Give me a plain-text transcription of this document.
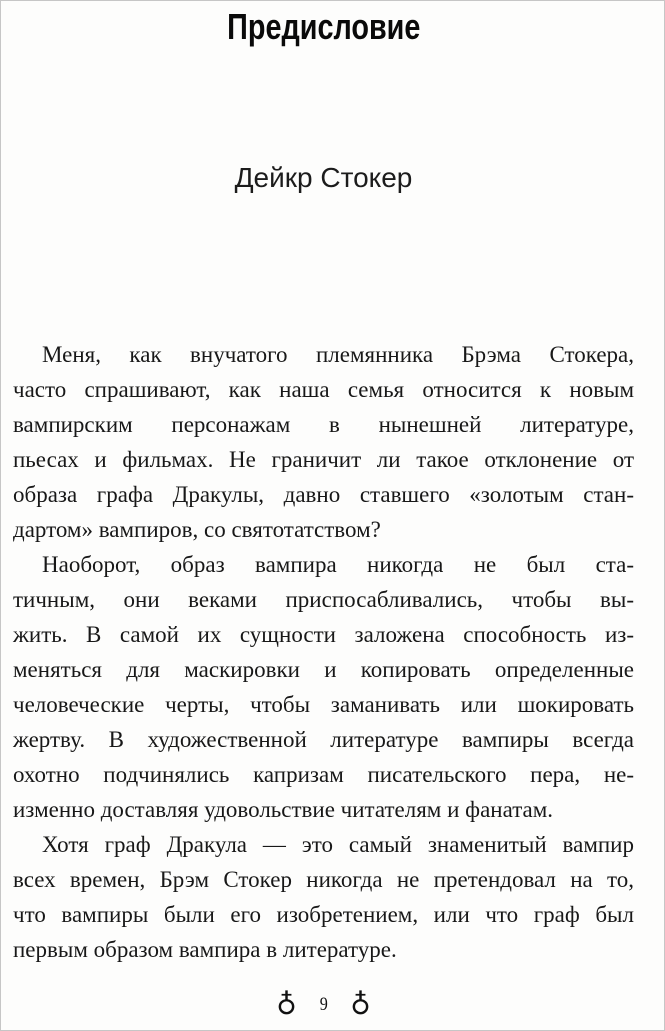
Предисловие
Дейкр Стокер
Меня, как внучатого племянника Брэма Стокера,
часто спрашивают, как наша семья относится к новым
вампирским персонажам в нынешней литературе,
пьесах и фильмах. Не граничит ли такое отклонение от
образа графа Дракулы, давно ставшего «золотым стан-
дартом» вампиров, со святотатством?
Наоборот, образ вампира никогда не был ста-
тичным, они веками приспосабливались, чтобы вы-
жить. В самой их сущности заложена способность из-
меняться для маскировки и копировать определенные
человеческие черты, чтобы заманивать или шокировать
жертву. В художественной литературе вампиры всегда
охотно подчинялись капризам писательского пера, не-
изменно доставляя удовольствие читателям и фанатам.
Хотя граф Дракула — это самый знаменитый вампир
всех времен, Брэм Стокер никогда не претендовал на то,
что вампиры были его изобретением, или что граф был
первым образом вампира в литературе.
♁ 9 ♁
